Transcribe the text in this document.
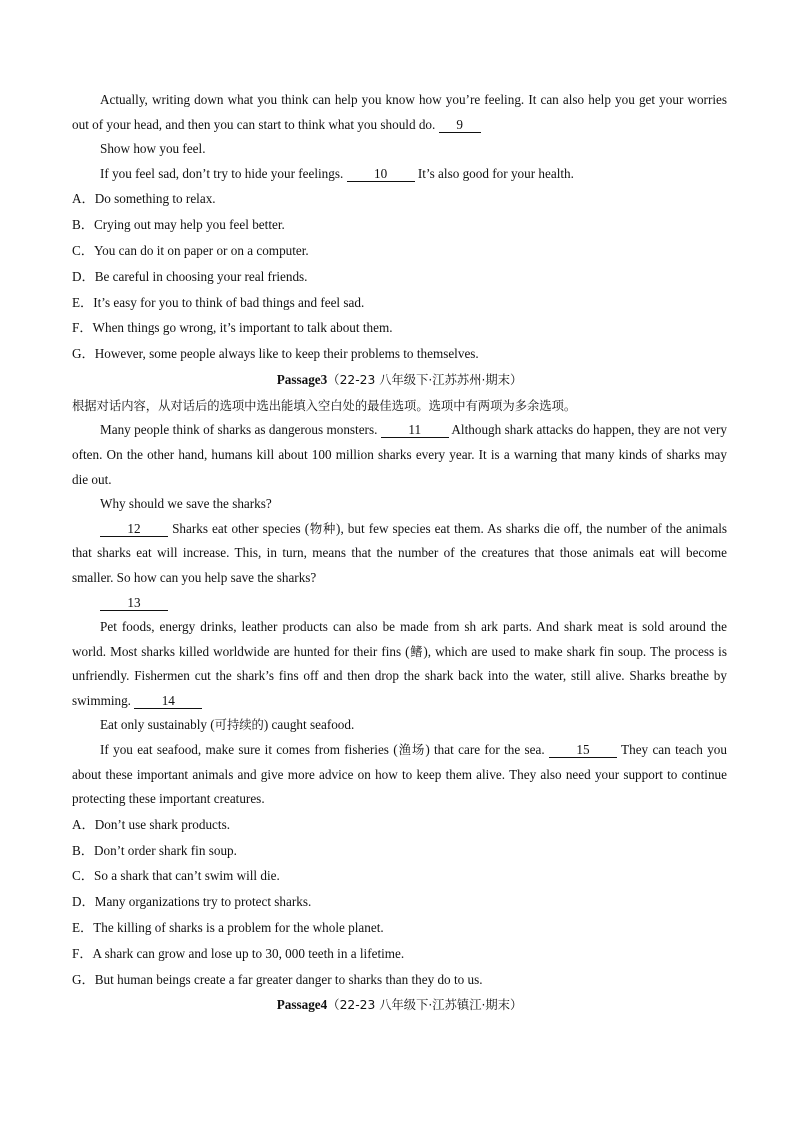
Actually, writing down what you think can help you know how you’re feeling. It can also help you get your worries out of your head, and then you can start to think what you should do. 9

Show how you feel.

If you feel sad, don’t try to hide your feelings. 10 It’s also good for your health.

A．Do something to relax.

B．Crying out may help you feel better.

C．You can do it on paper or on a computer.

D．Be careful in choosing your real friends.

E．It’s easy for you to think of bad things and feel sad.

F．When things go wrong, it’s important to talk about them.

G．However, some people always like to keep their problems to themselves.

Passage3（22-23 八年级下·江苏苏州·期末）

根据对话内容，从对话后的选项中选出能填入空白处的最佳选项。选项中有两项为多余选项。

Many people think of sharks as dangerous monsters. 11 Although shark attacks do happen, they are not very often. On the other hand, humans kill about 100 million sharks every year. It is a warning that many kinds of sharks may die out.

Why should we save the sharks?

12 Sharks eat other species (物种), but few species eat them. As sharks die off, the number of the animals that sharks eat will increase. This, in turn, means that the number of the creatures that those animals eat will become smaller. So how can you help save the sharks?

13

Pet foods, energy drinks, leather products can also be made from sh ark parts. And shark meat is sold around the world. Most sharks killed worldwide are hunted for their fins (鳍), which are used to make shark fin soup. The process is unfriendly. Fishermen cut the shark’s fins off and then drop the shark back into the water, still alive. Sharks breathe by swimming. 14

Eat only sustainably (可持续的) caught seafood.

If you eat seafood, make sure it comes from fisheries (渔场) that care for the sea. 15 They can teach you about these important animals and give more advice on how to keep them alive. They also need your support to continue protecting these important creatures.

A．Don’t use shark products.

B．Don’t order shark fin soup.

C．So a shark that can’t swim will die.

D．Many organizations try to protect sharks.

E．The killing of sharks is a problem for the whole planet.

F．A shark can grow and lose up to 30, 000 teeth in a lifetime.

G．But human beings create a far greater danger to sharks than they do to us.

Passage4（22-23 八年级下·江苏镇江·期末）
